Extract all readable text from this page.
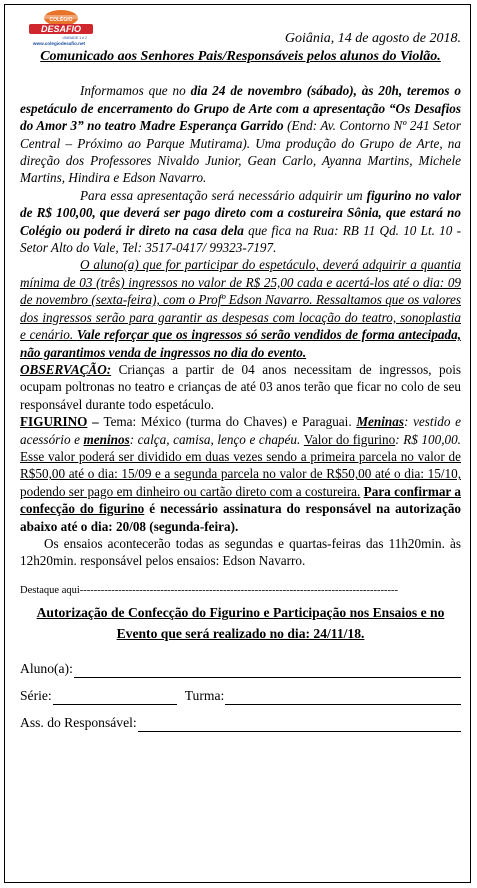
COLÉGIO
DESAFIO
UNIDADE 1 e 2
www.colegiodesafio.net	Goiânia, 14 de agosto de 2018.
Comunicado aos Senhores Pais/Responsáveis pelos alunos do Violão.

Informamos que no dia 24 de novembro (sábado), às 20h, teremos o espetáculo de encerramento do Grupo de Arte com a apresentação “Os Desafios do Amor 3” no teatro Madre Esperança Garrido (End: Av. Contorno Nº 241 Setor Central – Próximo ao Parque Mutirama). Uma produção do Grupo de Arte, na direção dos Professores Nivaldo Junior, Gean Carlo, Ayanna Martins, Michele Martins, Hindira e Edson Navarro.

Para essa apresentação será necessário adquirir um figurino no valor de R$ 100,00, que deverá ser pago direto com a costureira Sônia, que estará no Colégio ou poderá ir direto na casa dela que fica na Rua: RB 11 Qd. 10 Lt. 10 - Setor Alto do Vale, Tel: 3517-0417/ 99323-7197.

O aluno(a) que for participar do espetáculo, deverá adquirir a quantia mínima de 03 (três) ingressos no valor de R$ 25,00 cada e acertá-los até o dia: 09 de novembro (sexta-feira), com o Profº Edson Navarro. Ressaltamos que os valores dos ingressos serão para garantir as despesas com locação do teatro, sonoplastia e cenário. Vale reforçar que os ingressos só serão vendidos de forma antecipada, não garantimos venda de ingressos no dia do evento.

OBSERVAÇÃO: Crianças a partir de 04 anos necessitam de ingressos, pois ocupam poltronas no teatro e crianças de até 03 anos terão que ficar no colo de seu responsável durante todo espetáculo.

FIGURINO – Tema: México (turma do Chaves) e Paraguai. Meninas: vestido e acessório e meninos: calça, camisa, lenço e chapéu. Valor do figurino: R$ 100,00. Esse valor poderá ser dividido em duas vezes sendo a primeira parcela no valor de R$50,00 até o dia: 15/09 e a segunda parcela no valor de R$50,00 até o dia: 15/10, podendo ser pago em dinheiro ou cartão direto com a costureira. Para confirmar a confecção do figurino é necessário assinatura do responsável na autorização abaixo até o dia: 20/08 (segunda-feira).

Os ensaios acontecerão todas as segundas e quartas-feiras das 11h20min. às 12h20min. responsável pelos ensaios: Edson Navarro.

Destaque aqui-------------------------------------------------------------------------------------------
Autorização de Confecção do Figurino e Participação nos Ensaios e no Evento que será realizado no dia: 24/11/18.
Aluno(a):
Série:	Turma:
Ass. do Responsável:
